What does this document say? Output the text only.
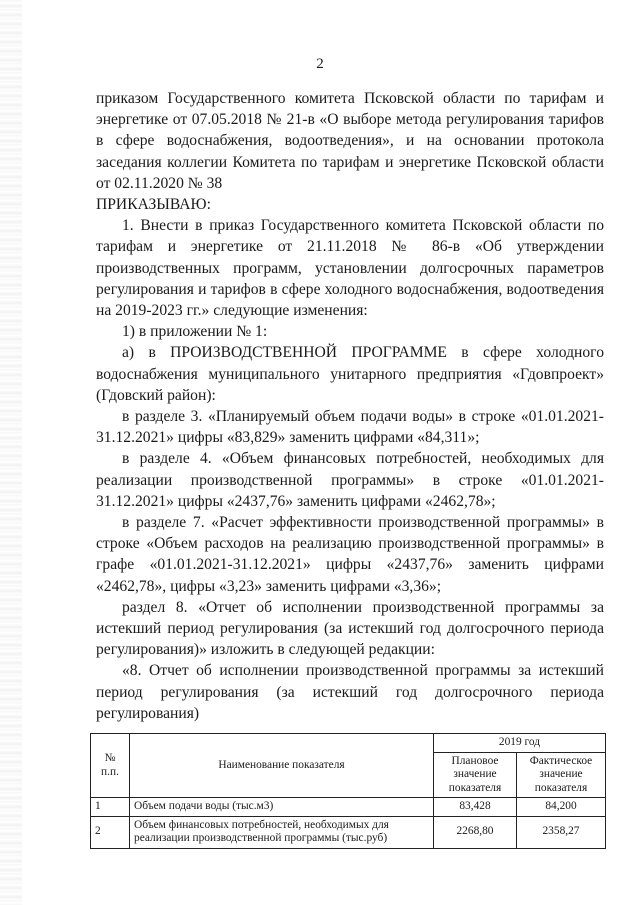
2

приказом Государственного комитета Псковской области по тарифам и энергетике от 07.05.2018 № 21-в «О выборе метода регулирования тарифов в сфере водоснабжения, водоотведения», и на основании протокола заседания коллегии Комитета по тарифам и энергетике Псковской области от 02.11.2020 № 38

ПРИКАЗЫВАЮ:

1. Внести в приказ Государственного комитета Псковской области по тарифам и энергетике от 21.11.2018 № 86-в «Об утверждении производственных программ, установлении долгосрочных параметров регулирования и тарифов в сфере холодного водоснабжения, водоотведения на 2019-2023 гг.» следующие изменения:

1) в приложении № 1:

а) в ПРОИЗВОДСТВЕННОЙ ПРОГРАММЕ в сфере холодного водоснабжения муниципального унитарного предприятия «Гдовпроект» (Гдовский район):

в разделе 3. «Планируемый объем подачи воды» в строке «01.01.2021-31.12.2021» цифры «83,829» заменить цифрами «84,311»;

в разделе 4. «Объем финансовых потребностей, необходимых для реализации производственной программы» в строке «01.01.2021-31.12.2021» цифры «2437,76» заменить цифрами «2462,78»;

в разделе 7. «Расчет эффективности производственной программы» в строке «Объем расходов на реализацию производственной программы» в графе «01.01.2021-31.12.2021» цифры «2437,76» заменить цифрами «2462,78», цифры «3,23» заменить цифрами «3,36»;

раздел 8. «Отчет об исполнении производственной программы за истекший период регулирования (за истекший год долгосрочного периода регулирования)» изложить в следующей редакции:

«8. Отчет об исполнении производственной программы за истекший период регулирования (за истекший год долгосрочного периода регулирования)

№ п.п.	Наименование показателя	2019 год	
		Плановое значение показателя	Фактическое значение показателя
1	Объем подачи воды (тыс.м3)	83,428	84,200
2	Объем финансовых потребностей, необходимых для реализации производственной программы (тыс.руб)	2268,80	2358,27
